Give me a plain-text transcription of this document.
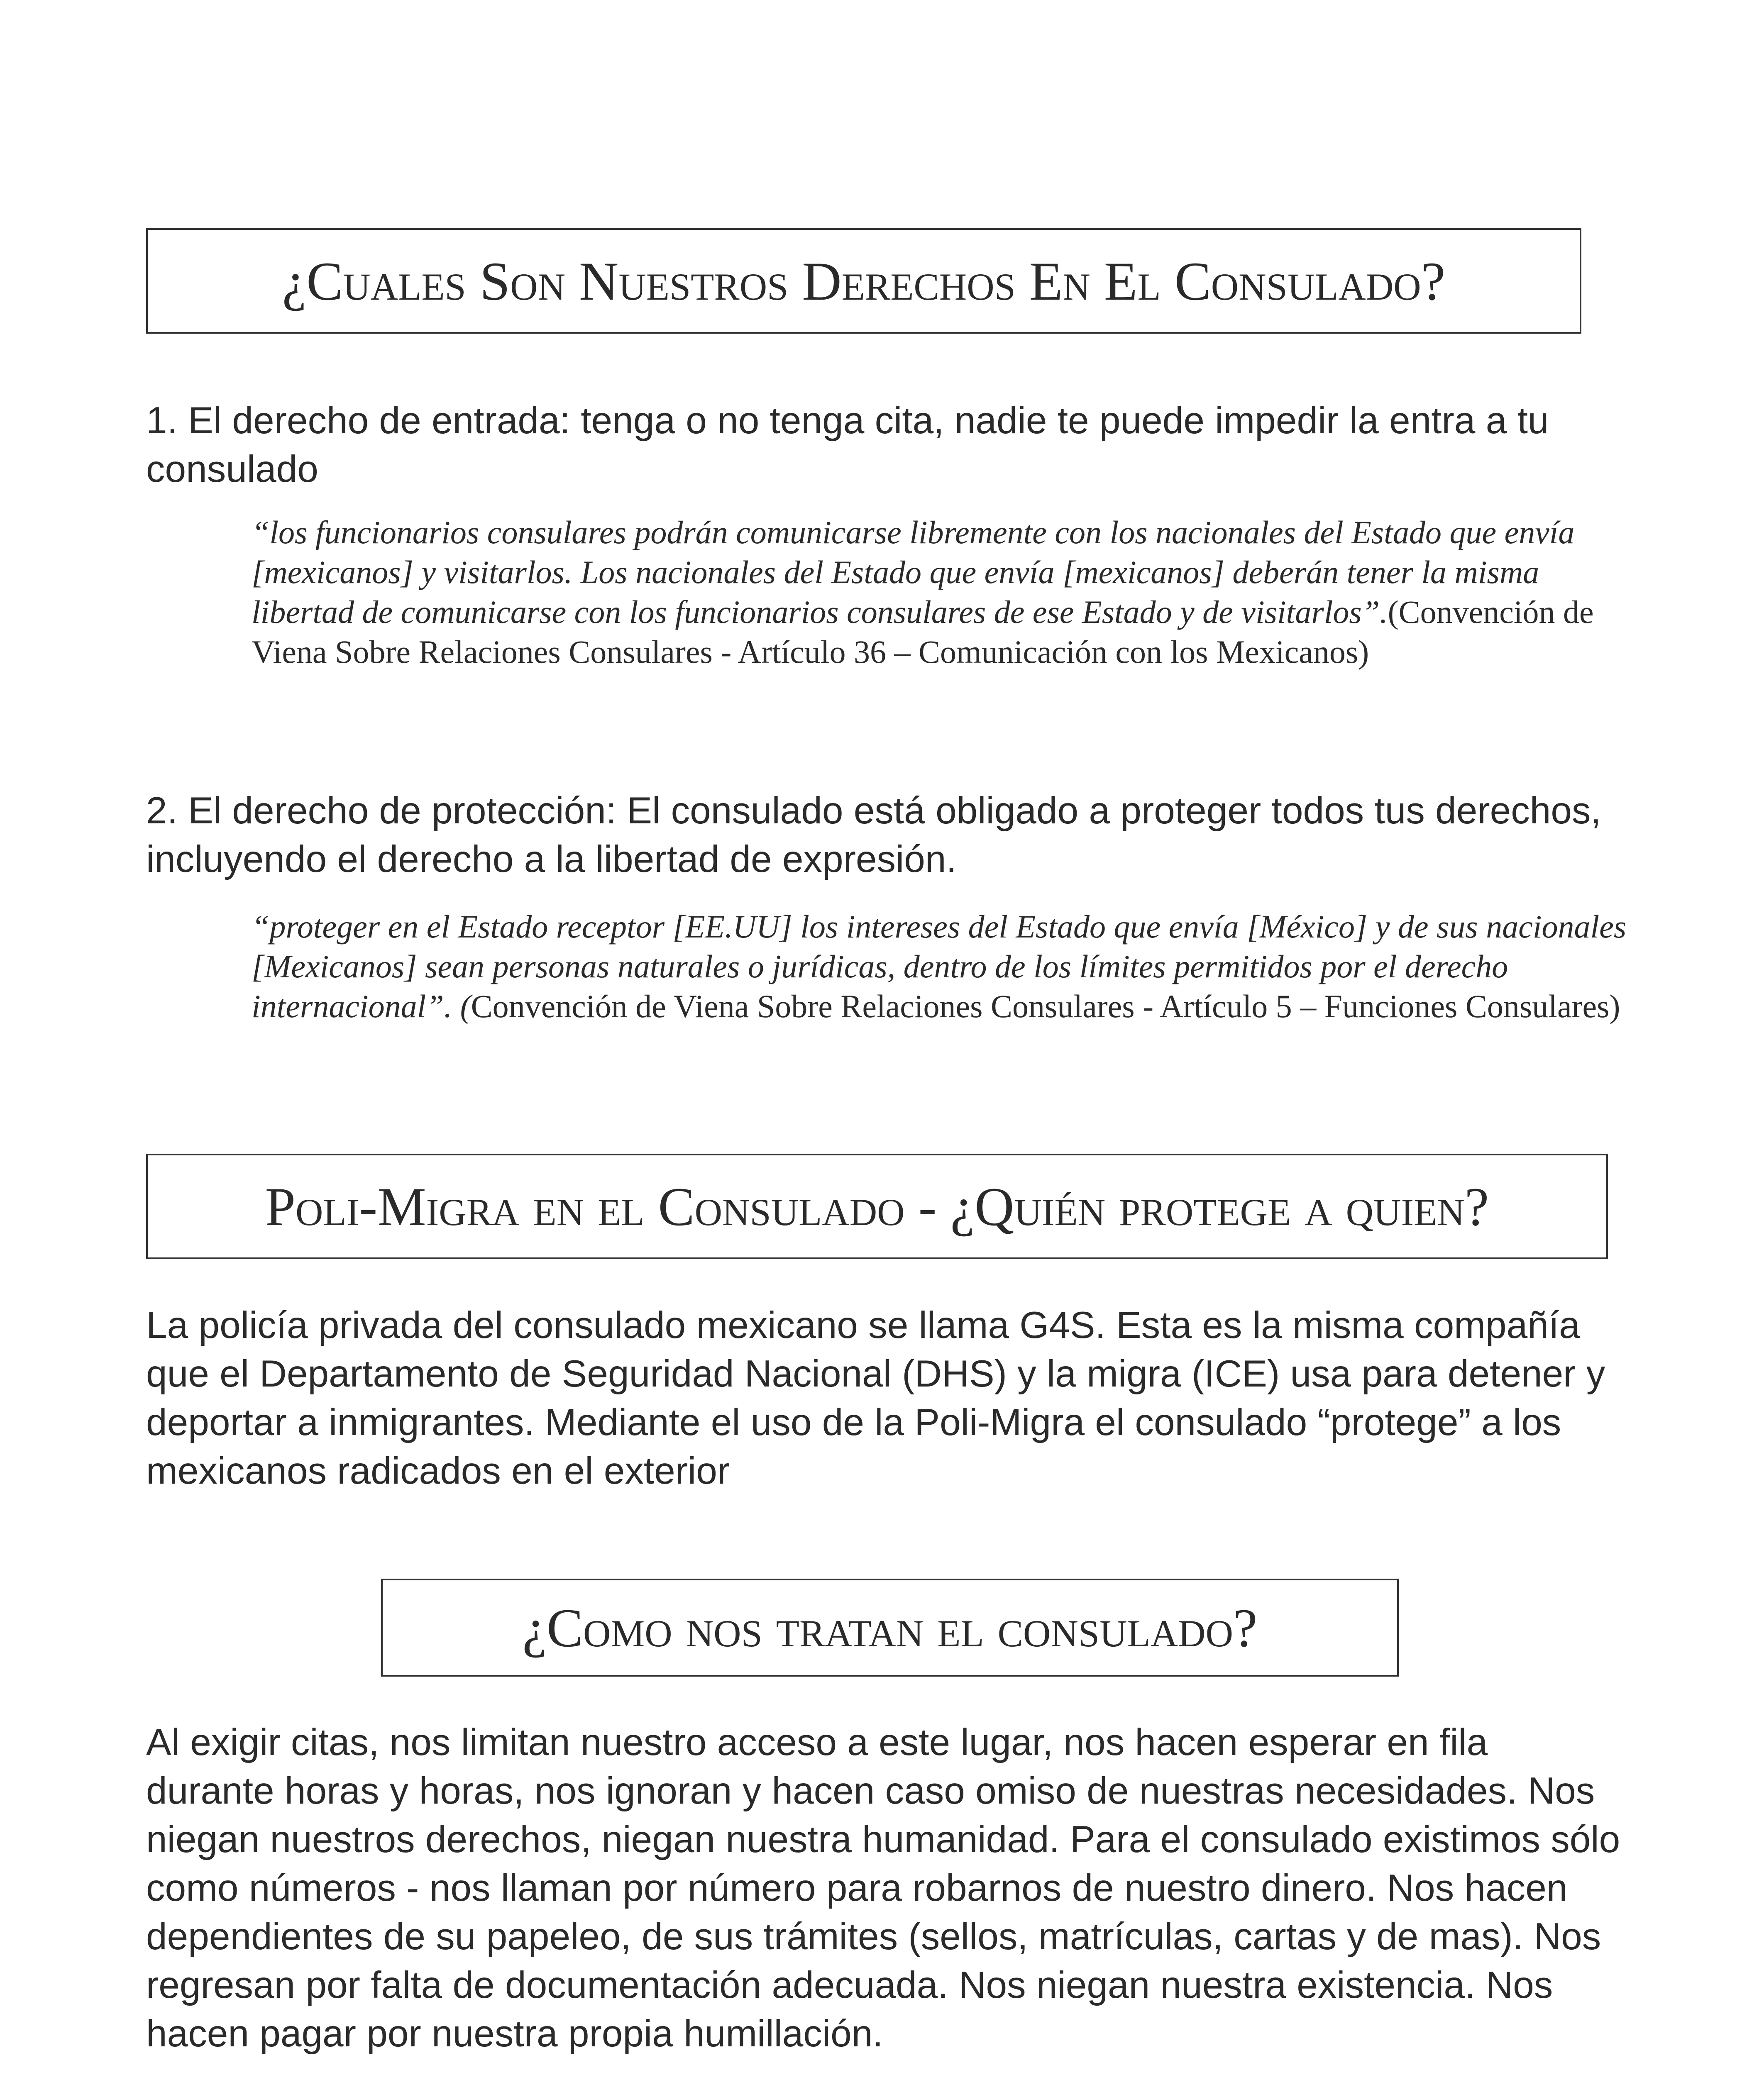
¿Cuales Son Nuestros Derechos En El Consulado?

1. El derecho de entrada: tenga o no tenga cita, nadie te puede impedir la entra a tu consulado

“los funcionarios consulares podrán comunicarse libremente con los nacionales del Estado que envía [mexicanos] y visitarlos. Los nacionales del Estado que envía [mexicanos] deberán tener la misma libertad de comunicarse con los funcionarios consulares de ese Estado y de visitarlos”.(Convención de Viena Sobre Relaciones Consulares - Artículo 36 – Comunicación con los Mexicanos)

2. El derecho de protección: El consulado está obligado a proteger todos tus derechos, incluyendo el derecho a la libertad de expresión.

“proteger en el Estado receptor [EE.UU] los intereses del Estado que envía [México] y de sus nacionales [Mexicanos] sean personas naturales o jurídicas, dentro de los límites permitidos por el derecho internacional”. (Convención de Viena Sobre Relaciones Consulares - Artículo 5 – Funciones Consulares)

Poli-Migra en el Consulado - ¿Quién protege a quien?

La policía privada del consulado mexicano se llama G4S. Esta es la misma compañía que el Departamento de Seguridad Nacional (DHS) y la migra (ICE) usa para detener y deportar a inmigrantes. Mediante el uso de la Poli-Migra el consulado “protege” a los mexicanos radicados en el exterior

¿Como nos tratan el consulado?

Al exigir citas, nos limitan nuestro acceso a este lugar, nos hacen esperar en fila durante horas y horas, nos ignoran y hacen caso omiso de nuestras necesidades. Nos niegan nuestros derechos, niegan nuestra humanidad. Para el consulado existimos sólo como números - nos llaman por número para robarnos de nuestro dinero. Nos hacen dependientes de su papeleo, de sus trámites (sellos, matrículas, cartas y de mas). Nos regresan por falta de documentación adecuada. Nos niegan nuestra existencia. Nos hacen pagar por nuestra propia humillación.
